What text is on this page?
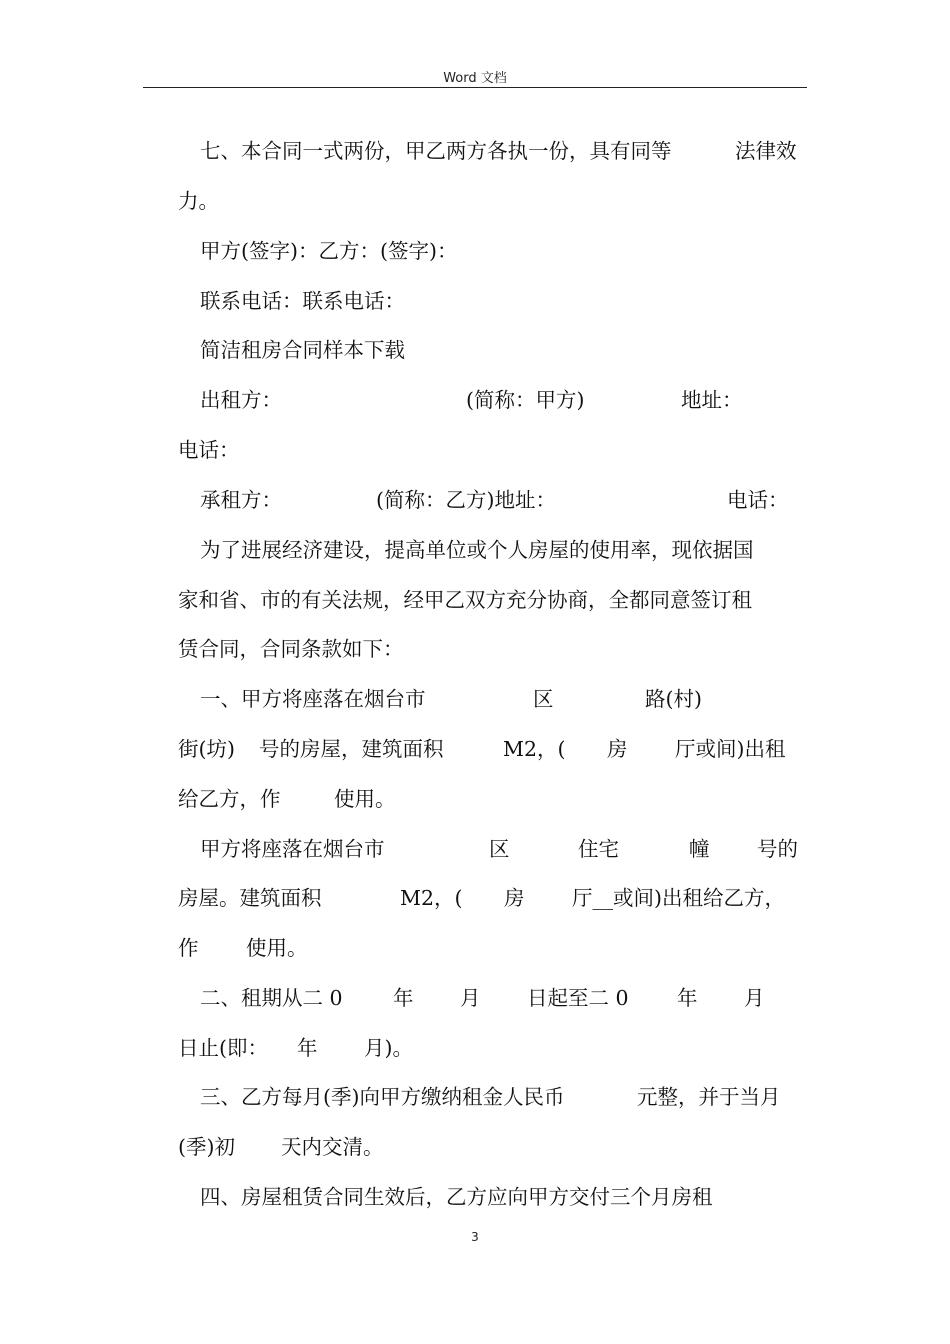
Word 文档
七、本合同一式两份，甲乙两方各执一份，具有同等	法律效
力。
甲方(签字)：乙方：(签字)：
联系电话：联系电话：
简洁租房合同样本下载
出租方：	(简称：甲方)	地址：
电话：
承租方：	(简称：乙方)地址：	电话：
为了进展经济建设，提高单位或个人房屋的使用率，现依据国
家和省、市的有关法规，经甲乙双方充分协商，全都同意签订租
赁合同，合同条款如下：
一、甲方将座落在烟台市	区	路(村)
街(坊) 号的房屋，建筑面积	M2，( 房 厅或间)出租
给乙方，作	使用。
甲方将座落在烟台市	区	住宅	幢 号的
房屋。建筑面积	M2，( 房 厅__或间)出租给乙方，
作 使用。
二、租期从二 0 年 月 日起至二 0 年 月
日止(即： 年 月)。
三、乙方每月(季)向甲方缴纳租金人民币	元整，并于当月
(季)初 天内交清。
四、房屋租赁合同生效后，乙方应向甲方交付三个月房租
3
